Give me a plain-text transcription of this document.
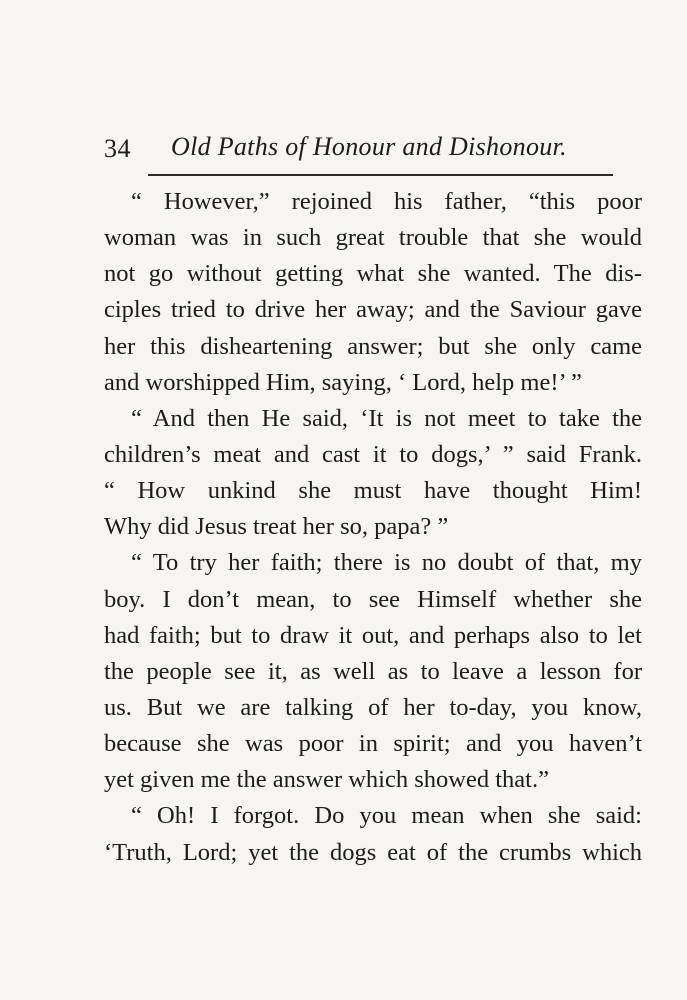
34 Old Paths of Honour and Dishonour.
“ However,” rejoined his father, “this poor
woman was in such great trouble that she would
not go without getting what she wanted. The dis-
ciples tried to drive her away; and the Saviour gave
her this disheartening answer; but she only came
and worshipped Him, saying, ‘ Lord, help me!’ ”
“ And then He said, ‘It is not meet to take the
children’s meat and cast it to dogs,’ ” said Frank.
“ How unkind she must have thought Him!
Why did Jesus treat her so, papa? ”
“ To try her faith; there is no doubt of that, my
boy. I don’t mean, to see Himself whether she
had faith; but to draw it out, and perhaps also to let
the people see it, as well as to leave a lesson for
us. But we are talking of her to-day, you know,
because she was poor in spirit; and you haven’t
yet given me the answer which showed that.”
“ Oh! I forgot. Do you mean when she said:
‘Truth, Lord; yet the dogs eat of the crumbs which
